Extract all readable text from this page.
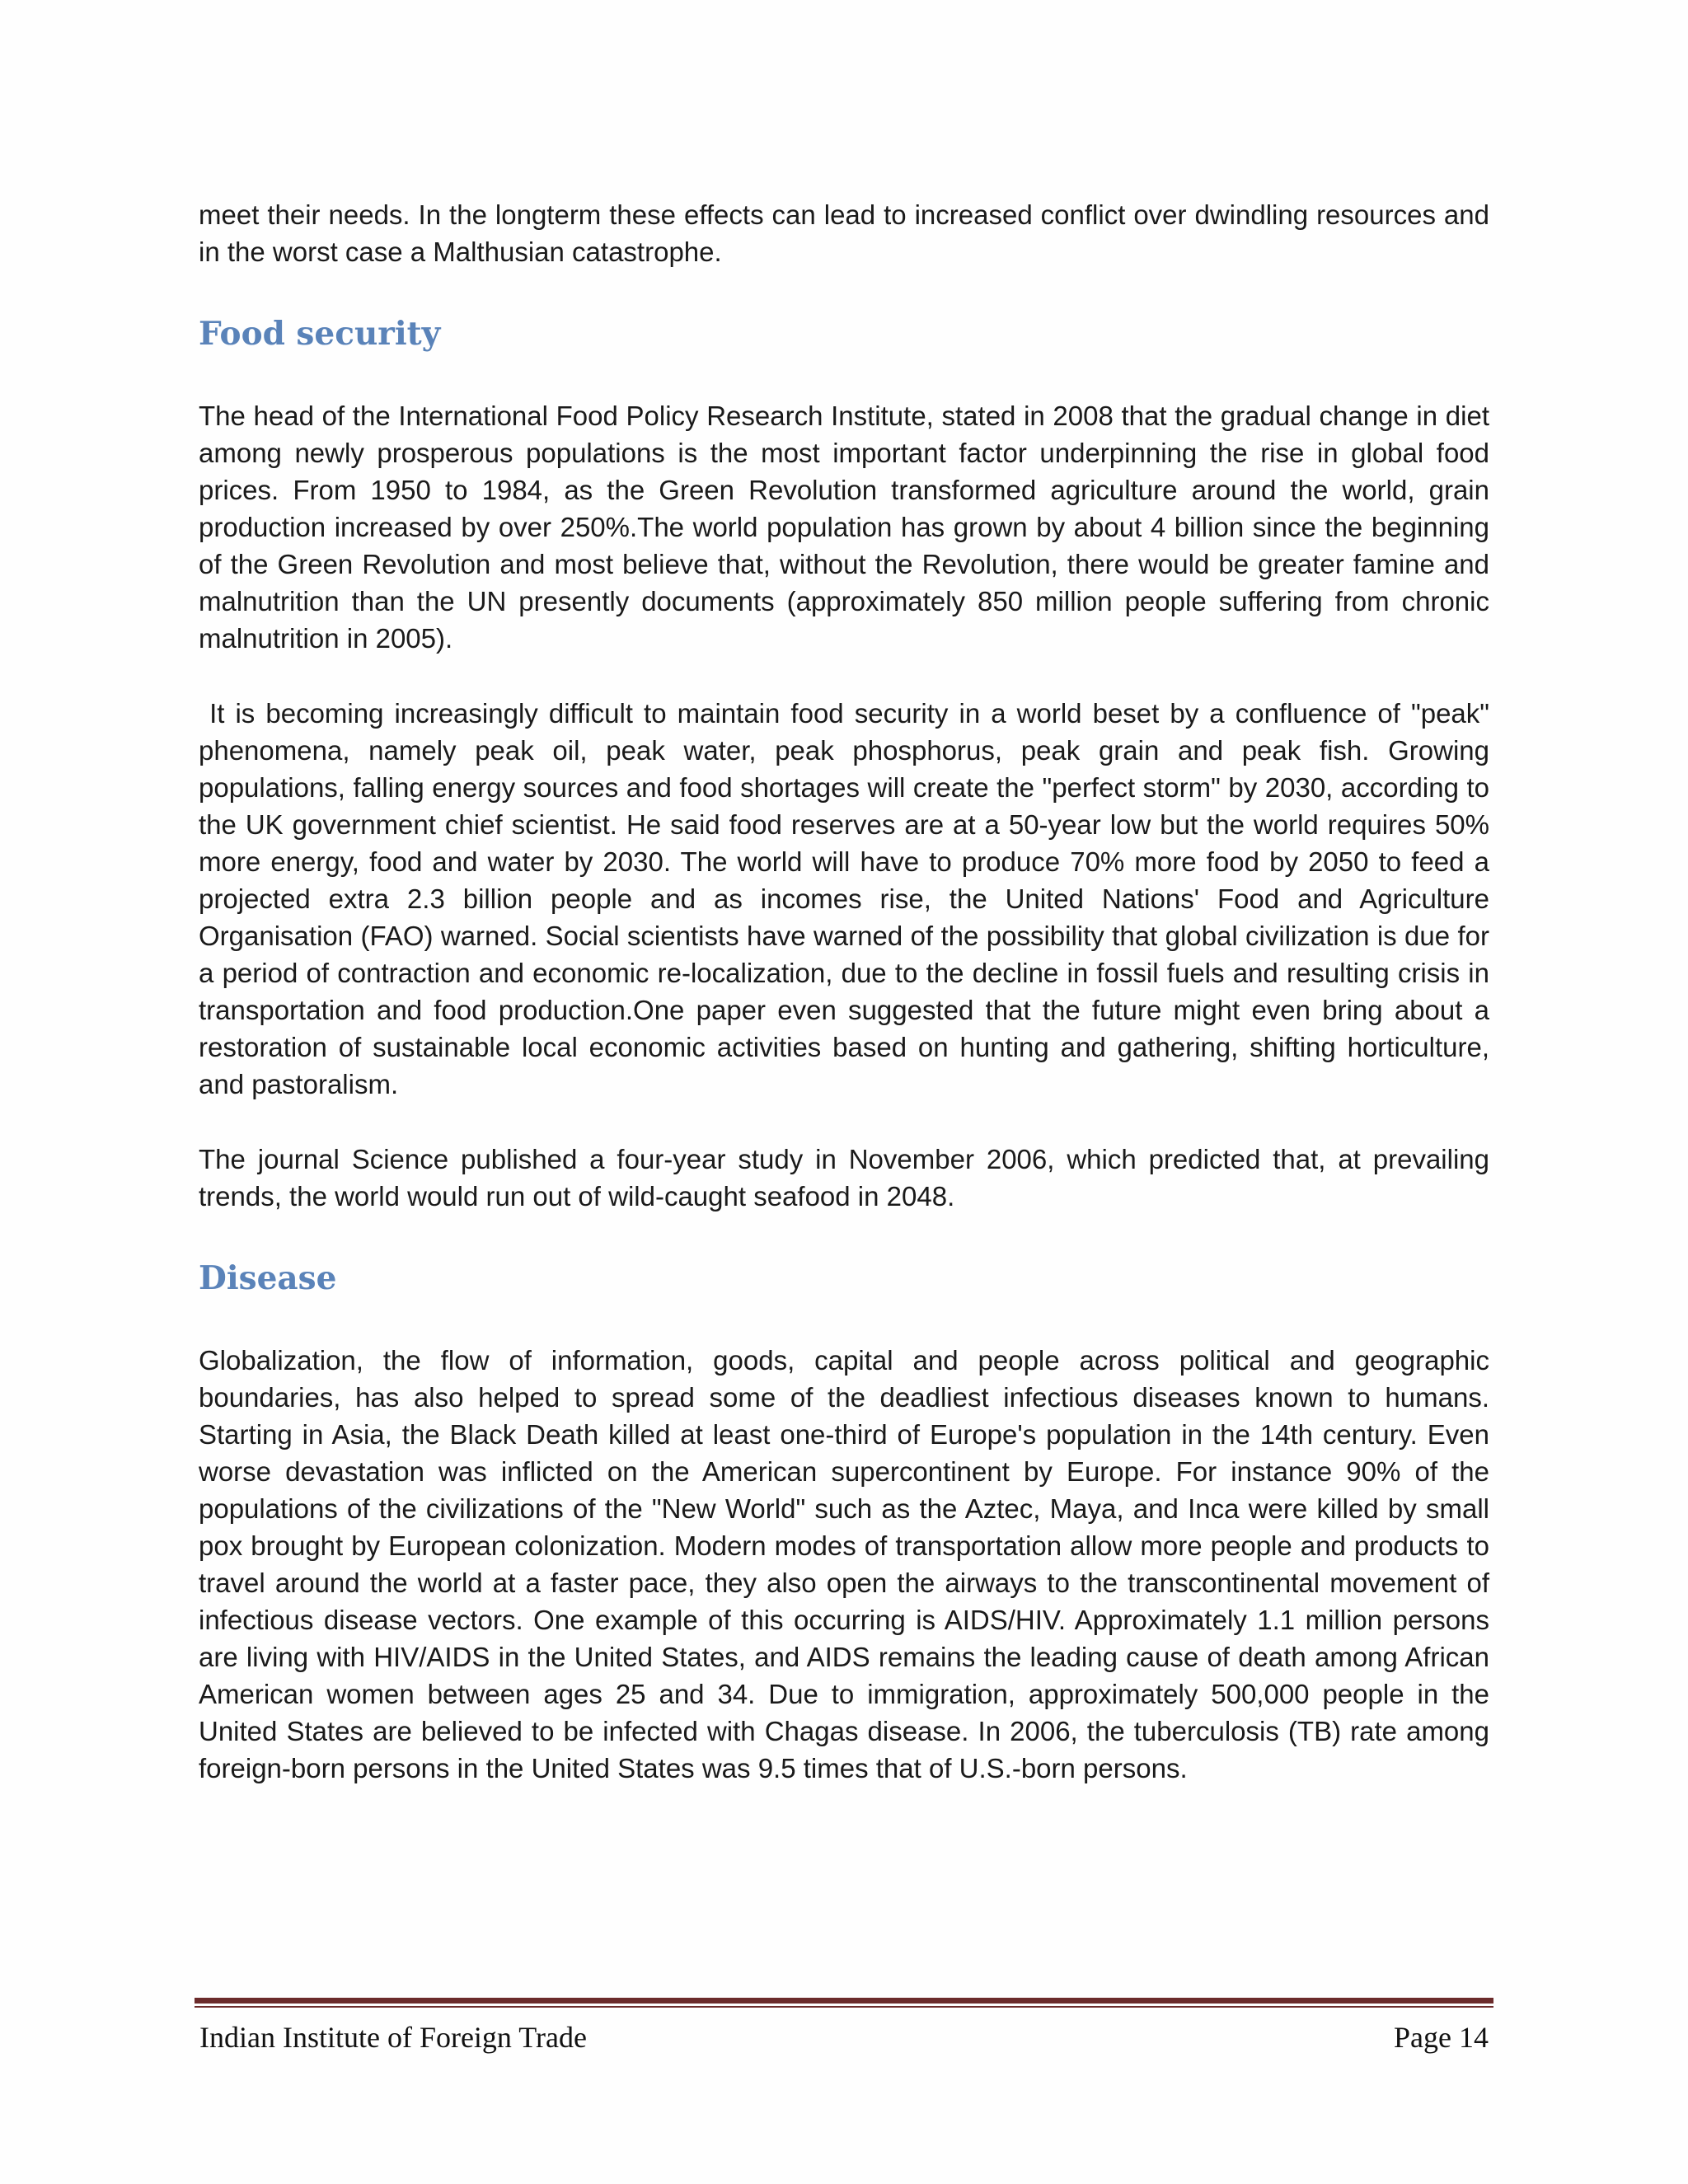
meet their needs. In the longterm these effects can lead to increased conflict over dwindling resources and in the worst case a Malthusian catastrophe.

Food security

The head of the International Food Policy Research Institute, stated in 2008 that the gradual change in diet among newly prosperous populations is the most important factor underpinning the rise in global food prices. From 1950 to 1984, as the Green Revolution transformed agriculture around the world, grain production increased by over 250%.The world population has grown by about 4 billion since the beginning of the Green Revolution and most believe that, without the Revolution, there would be greater famine and malnutrition than the UN presently documents (approximately 850 million people suffering from chronic malnutrition in 2005).

It is becoming increasingly difficult to maintain food security in a world beset by a confluence of "peak" phenomena, namely peak oil, peak water, peak phosphorus, peak grain and peak fish. Growing populations, falling energy sources and food shortages will create the "perfect storm" by 2030, according to the UK government chief scientist. He said food reserves are at a 50-year low but the world requires 50% more energy, food and water by 2030. The world will have to produce 70% more food by 2050 to feed a projected extra 2.3 billion people and as incomes rise, the United Nations' Food and Agriculture Organisation (FAO) warned. Social scientists have warned of the possibility that global civilization is due for a period of contraction and economic re-localization, due to the decline in fossil fuels and resulting crisis in transportation and food production.One paper even suggested that the future might even bring about a restoration of sustainable local economic activities based on hunting and gathering, shifting horticulture, and pastoralism.

The journal Science published a four-year study in November 2006, which predicted that, at prevailing trends, the world would run out of wild-caught seafood in 2048.

Disease

Globalization, the flow of information, goods, capital and people across political and geographic boundaries, has also helped to spread some of the deadliest infectious diseases known to humans. Starting in Asia, the Black Death killed at least one-third of Europe's population in the 14th century. Even worse devastation was inflicted on the American supercontinent by Europe. For instance 90% of the populations of the civilizations of the "New World" such as the Aztec, Maya, and Inca were killed by small pox brought by European colonization. Modern modes of transportation allow more people and products to travel around the world at a faster pace, they also open the airways to the transcontinental movement of infectious disease vectors. One example of this occurring is AIDS/HIV. Approximately 1.1 million persons are living with HIV/AIDS in the United States, and AIDS remains the leading cause of death among African American women between ages 25 and 34. Due to immigration, approximately 500,000 people in the United States are believed to be infected with Chagas disease. In 2006, the tuberculosis (TB) rate among foreign-born persons in the United States was 9.5 times that of U.S.-born persons.

Indian Institute of Foreign Trade	Page 14
